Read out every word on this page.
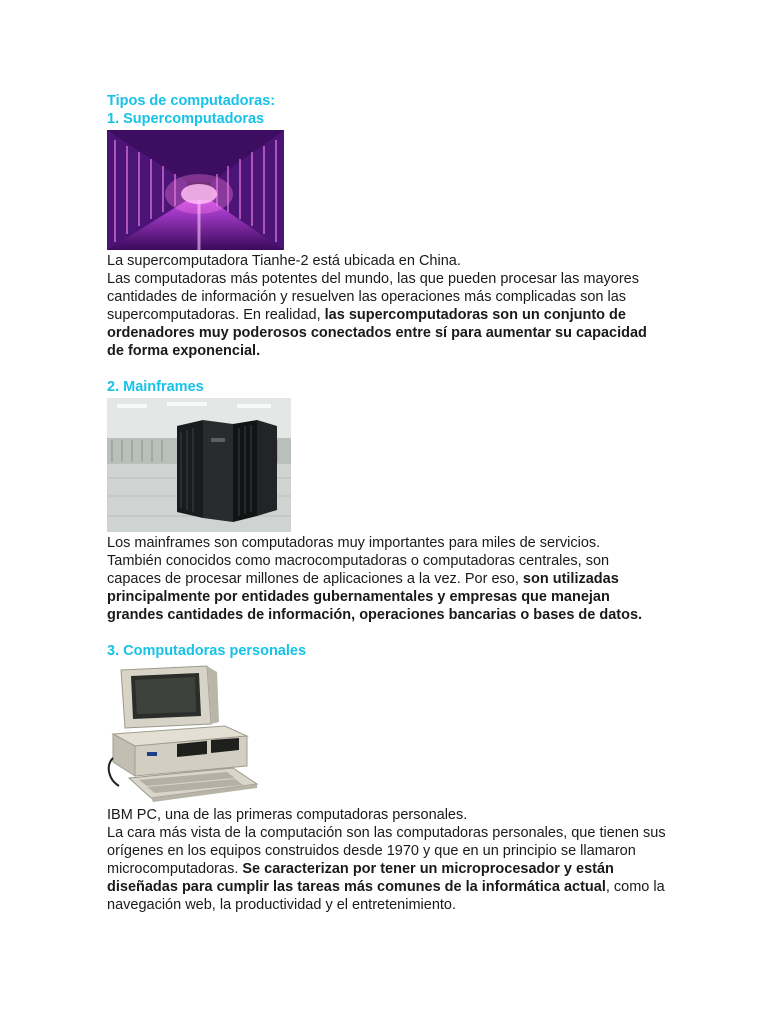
Tipos de computadoras:

1. Supercomputadoras

La supercomputadora Tianhe-2 está ubicada en China.

Las computadoras más potentes del mundo, las que pueden procesar las mayores cantidades de información y resuelven las operaciones más complicadas son las supercomputadoras. En realidad, las supercomputadoras son un conjunto de ordenadores muy poderosos conectados entre sí para aumentar su capacidad de forma exponencial.

2. Mainframes

Los mainframes son computadoras muy importantes para miles de servicios.

También conocidos como macrocomputadoras o computadoras centrales, son capaces de procesar millones de aplicaciones a la vez. Por eso, son utilizadas principalmente por entidades gubernamentales y empresas que manejan grandes cantidades de información, operaciones bancarias o bases de datos.

3. Computadoras personales

IBM PC, una de las primeras computadoras personales.

La cara más vista de la computación son las computadoras personales, que tienen sus orígenes en los equipos construidos desde 1970 y que en un principio se llamaron microcomputadoras. Se caracterizan por tener un microprocesador y están diseñadas para cumplir las tareas más comunes de la informática actual, como la navegación web, la productividad y el entretenimiento.
